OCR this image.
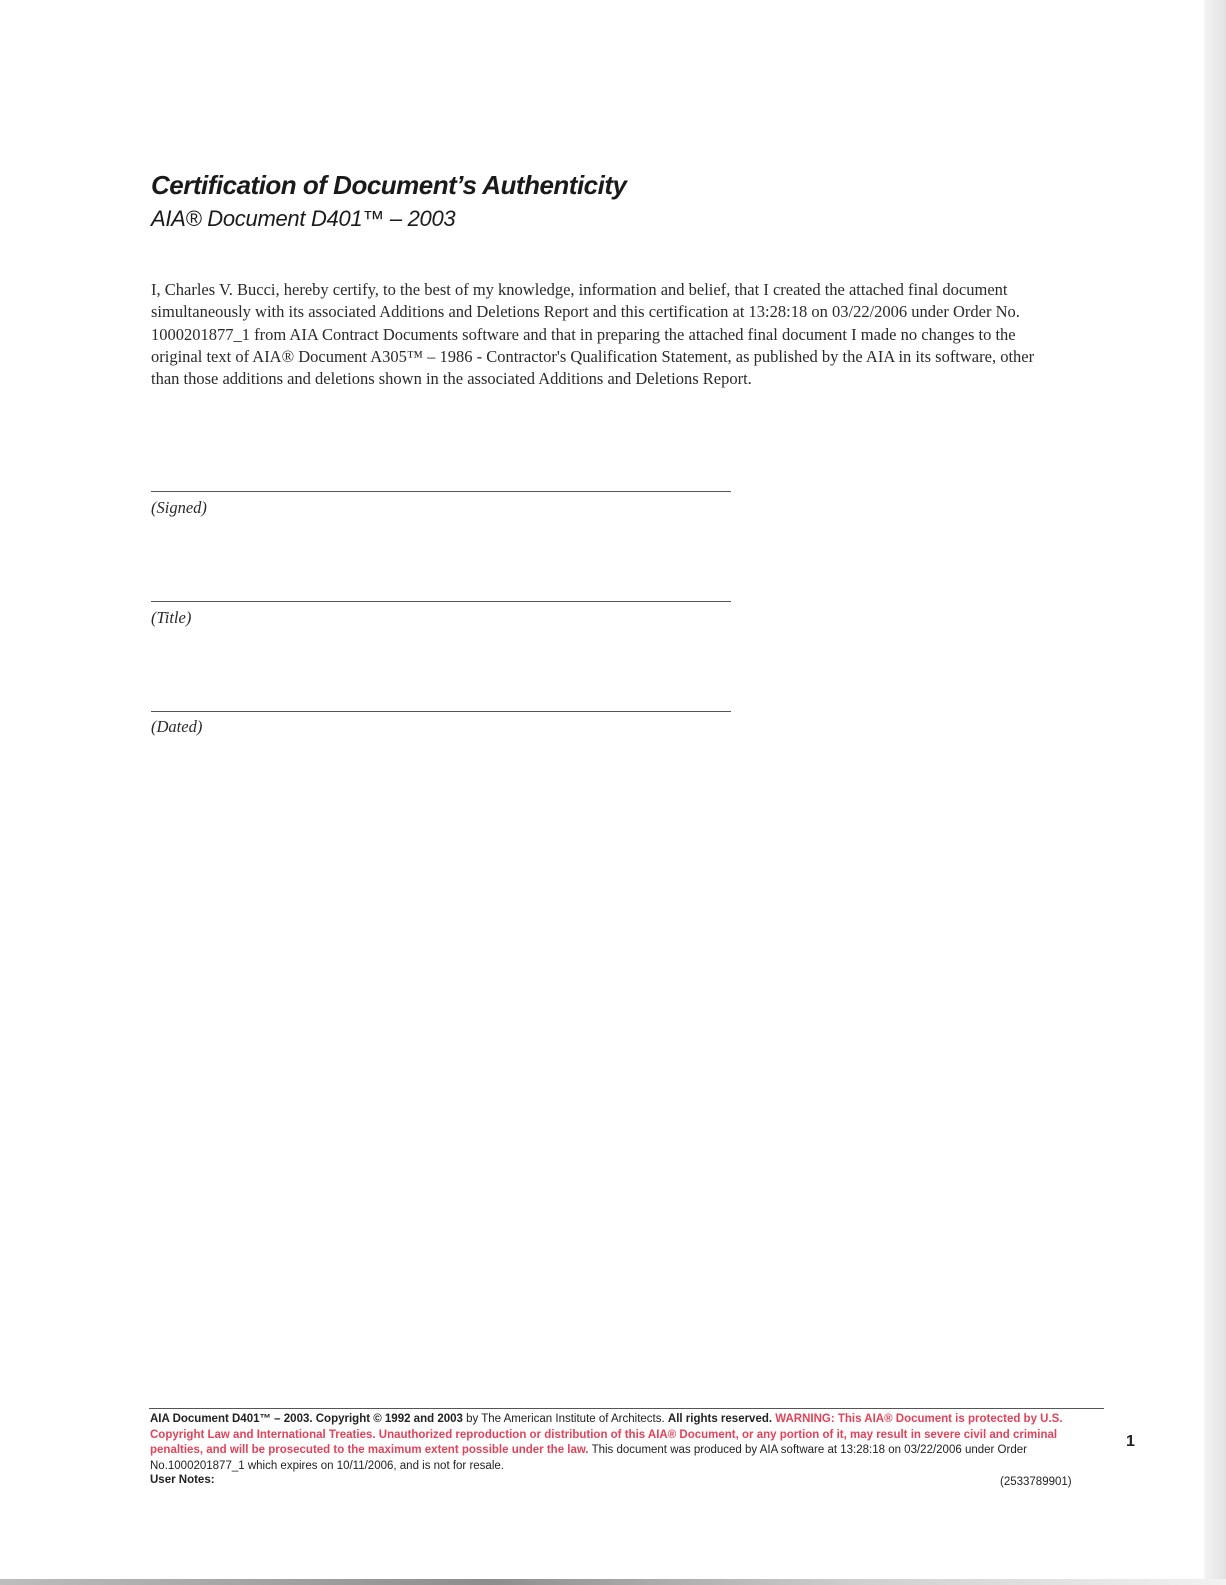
Certification of Document’s Authenticity
AIA® Document D401™ – 2003
I, Charles V. Bucci, hereby certify, to the best of my knowledge, information and belief, that I created the attached final document simultaneously with its associated Additions and Deletions Report and this certification at 13:28:18 on 03/22/2006 under Order No. 1000201877_1 from AIA Contract Documents software and that in preparing the attached final document I made no changes to the original text of AIA® Document A305™ – 1986 - Contractor's Qualification Statement, as published by the AIA in its software, other than those additions and deletions shown in the associated Additions and Deletions Report.
(Signed)
(Title)
(Dated)
AIA Document D401™ – 2003. Copyright © 1992 and 2003 by The American Institute of Architects. All rights reserved. WARNING: This AIA® Document is protected by U.S. Copyright Law and International Treaties. Unauthorized reproduction or distribution of this AIA® Document, or any portion of it, may result in severe civil and criminal penalties, and will be prosecuted to the maximum extent possible under the law. This document was produced by AIA software at 13:28:18 on 03/22/2006 under Order No.1000201877_1 which expires on 10/11/2006, and is not for resale.
User Notes:	(2533789901)
1
